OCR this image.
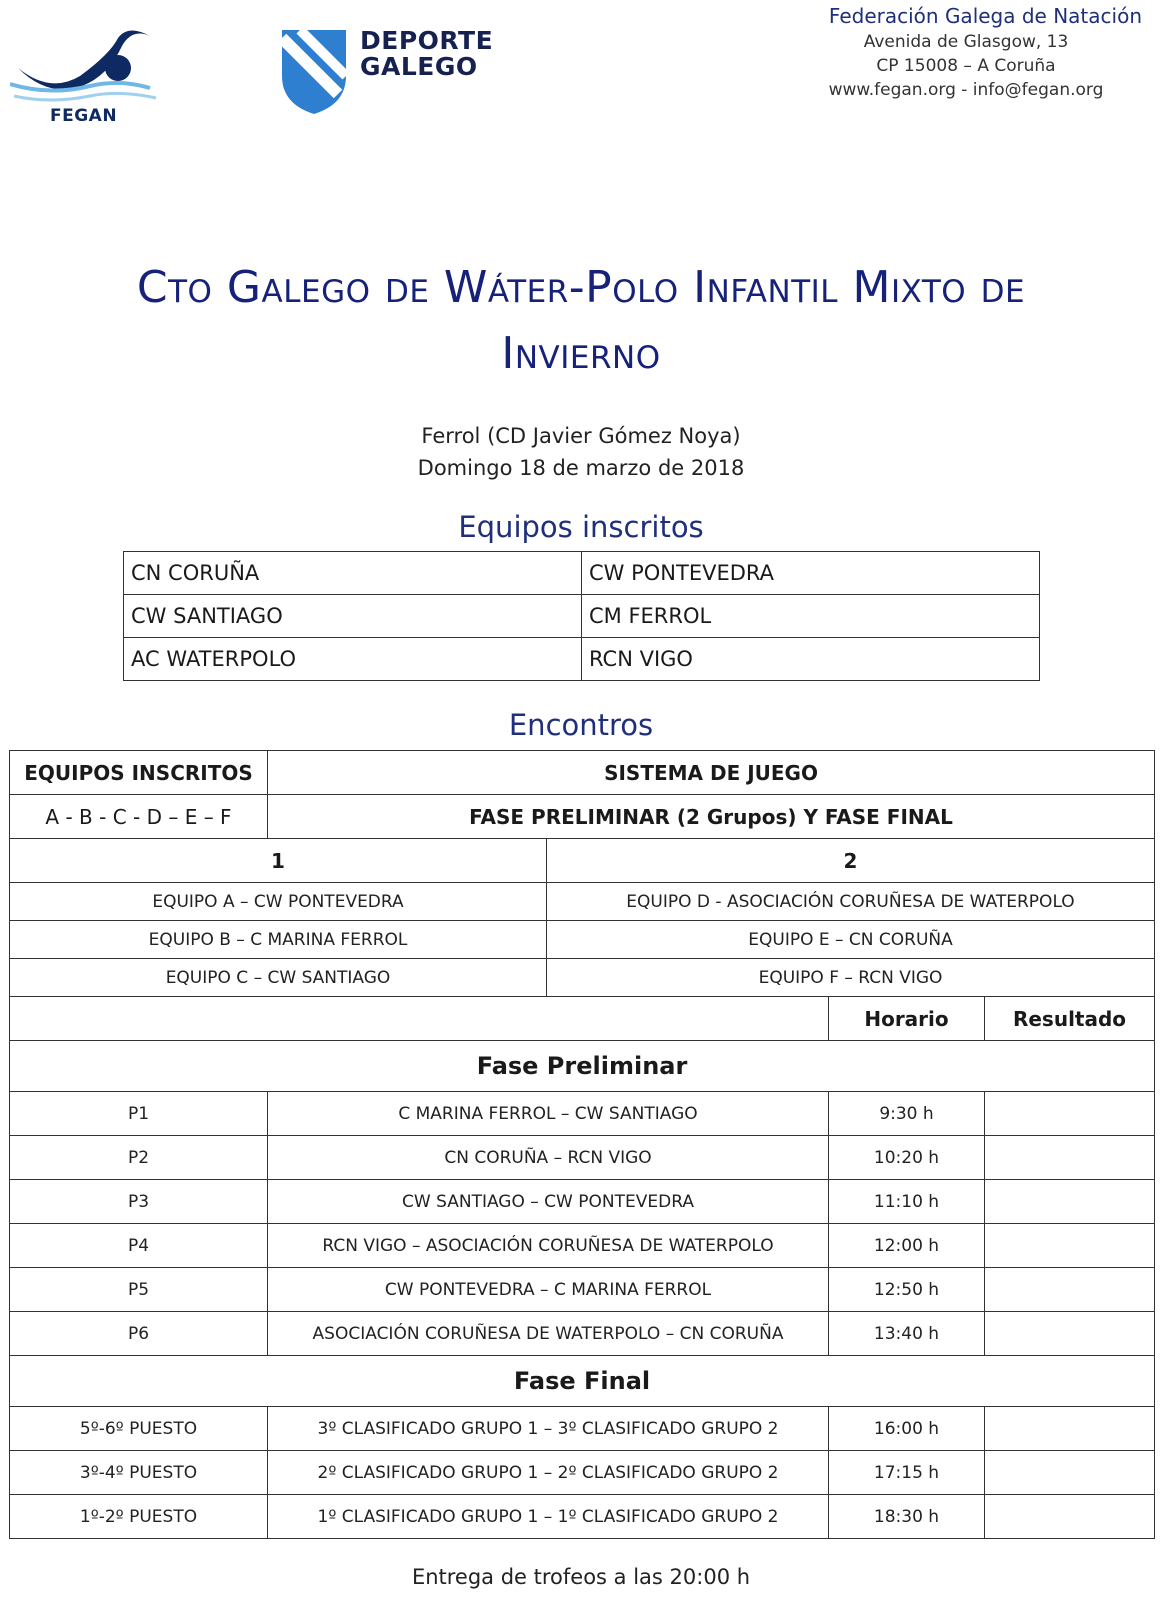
FEGAN
DEPORTE
GALEGO
Federación Galega de Natación
Avenida de Glasgow, 13
CP 15008 – A Coruña
www.fegan.org - info@fegan.org
Cto Galego de Wáter-Polo Infantil Mixto de
Invierno
Ferrol (CD Javier Gómez Noya)
Domingo 18 de marzo de 2018
Equipos inscritos
CN CORUÑA	CW PONTEVEDRA
CW SANTIAGO	CM FERROL
AC WATERPOLO	RCN VIGO
Encontros
EQUIPOS INSCRITOS	SISTEMA DE JUEGO			
A - B - C - D – E – F	FASE PRELIMINAR (2 Grupos) Y FASE FINAL			
1		2		
EQUIPO A – CW PONTEVEDRA		EQUIPO D - ASOCIACIÓN CORUÑESA DE WATERPOLO		
EQUIPO B – C MARINA FERROL		EQUIPO E – CN CORUÑA		
EQUIPO C – CW SANTIAGO		EQUIPO F – RCN VIGO		
			Horario	Resultado
Fase Preliminar				
P1	C MARINA FERROL – CW SANTIAGO		9:30 h	
P2	CN CORUÑA – RCN VIGO		10:20 h	
P3	CW SANTIAGO – CW PONTEVEDRA		11:10 h	
P4	RCN VIGO – ASOCIACIÓN CORUÑESA DE WATERPOLO		12:00 h	
P5	CW PONTEVEDRA – C MARINA FERROL		12:50 h	
P6	ASOCIACIÓN CORUÑESA DE WATERPOLO – CN CORUÑA		13:40 h	
Fase Final				
5º-6º PUESTO	3º CLASIFICADO GRUPO 1 – 3º CLASIFICADO GRUPO 2		16:00 h	
3º-4º PUESTO	2º CLASIFICADO GRUPO 1 – 2º CLASIFICADO GRUPO 2		17:15 h	
1º-2º PUESTO	1º CLASIFICADO GRUPO 1 – 1º CLASIFICADO GRUPO 2		18:30 h	
Entrega de trofeos a las 20:00 h
